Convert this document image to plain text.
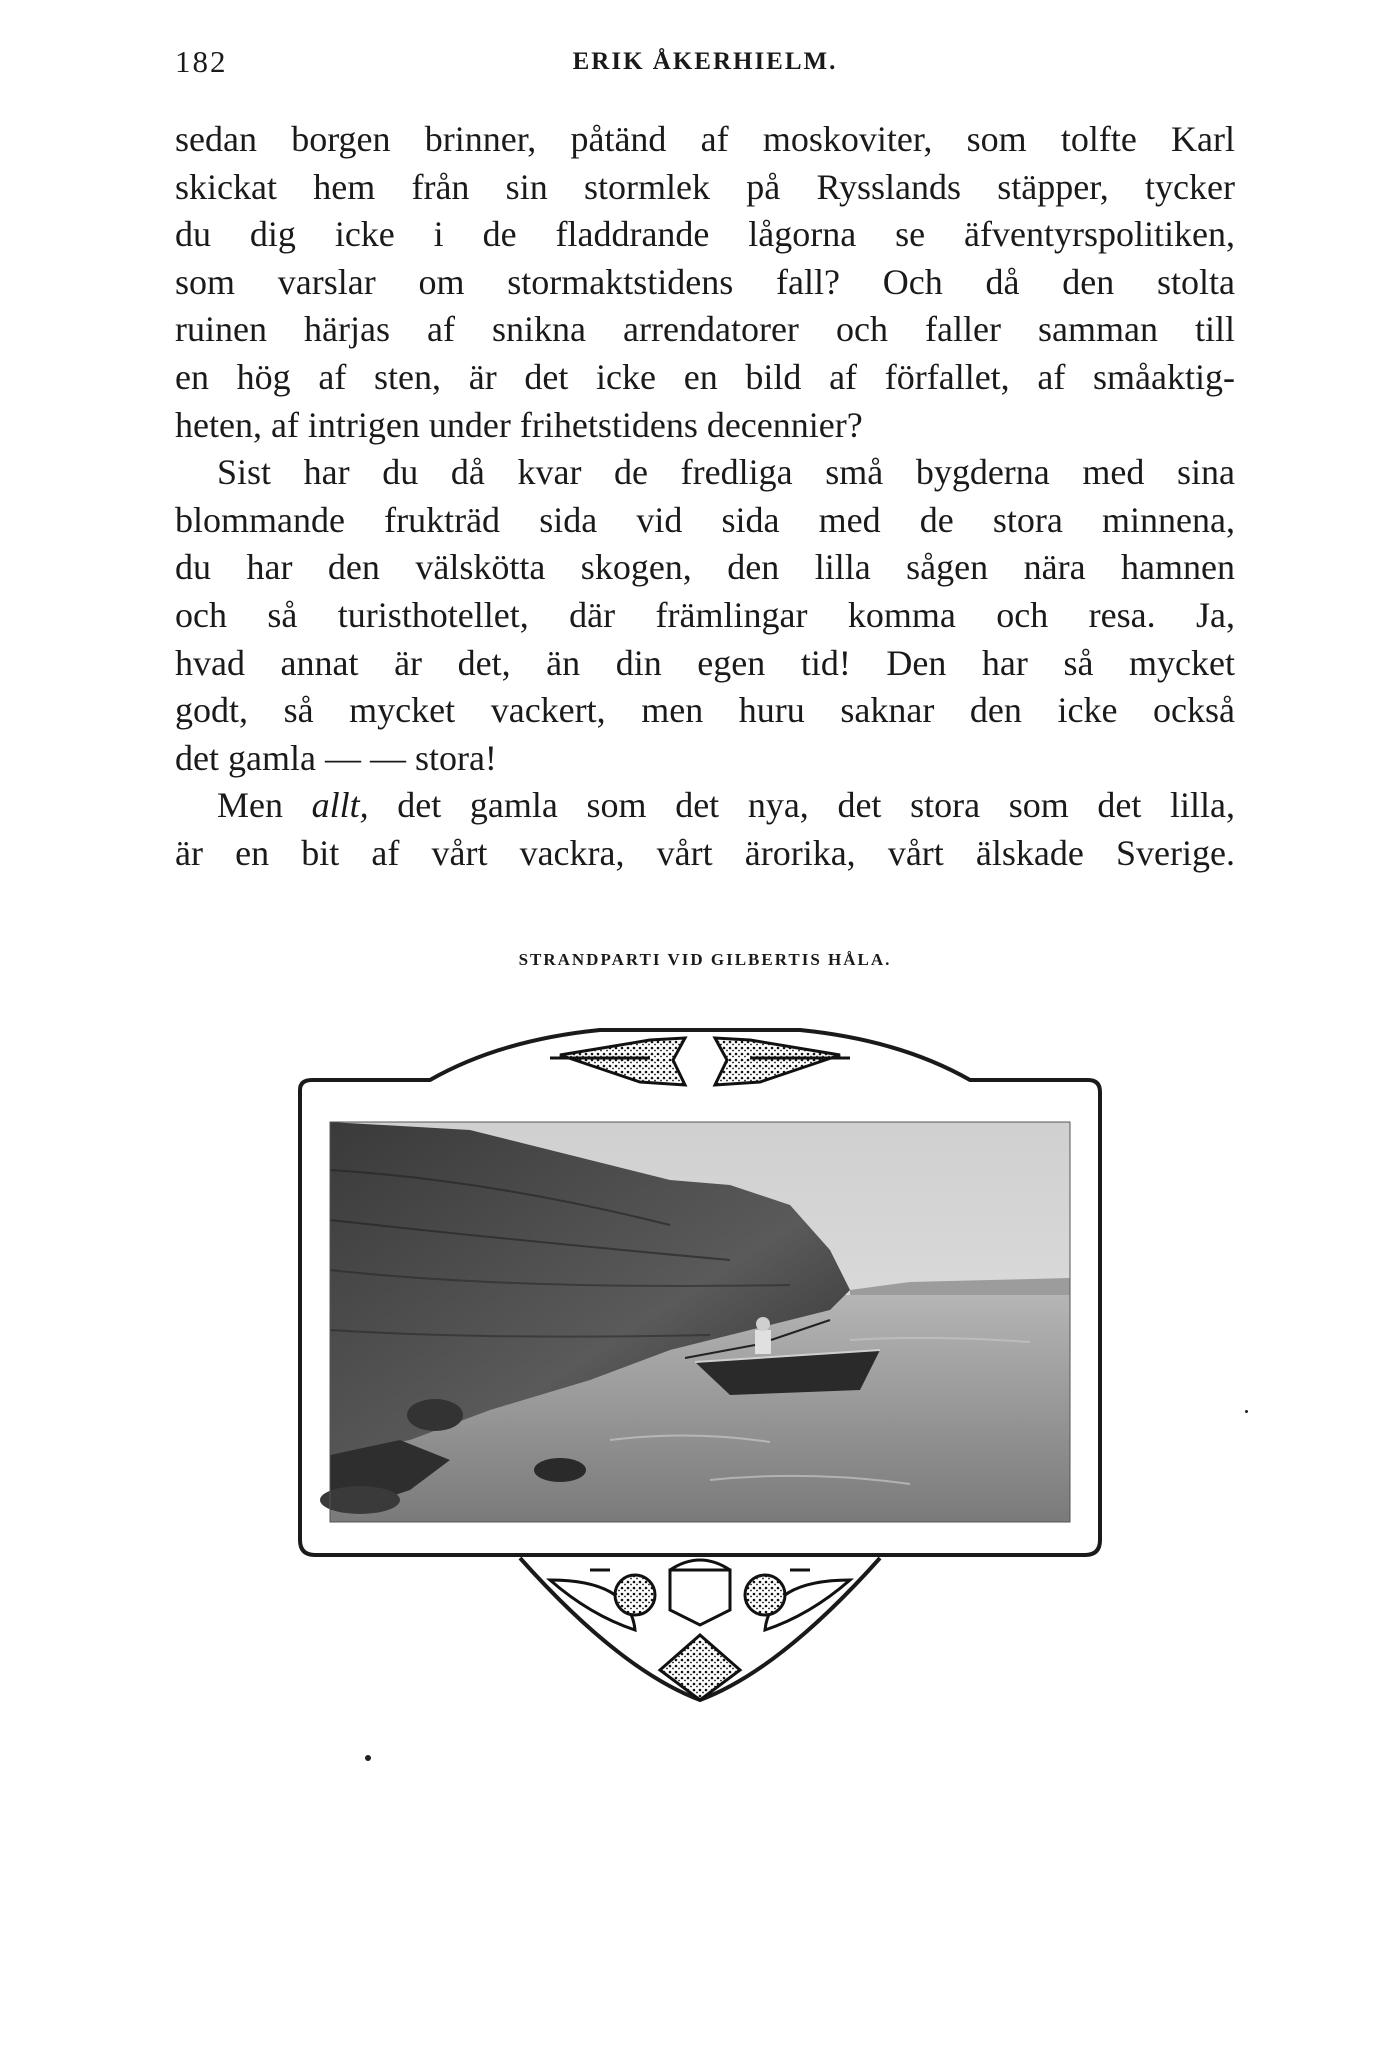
182	ERIK ÅKERHIELM.
sedan borgen brinner, påtänd af moskoviter, som tolfte Karl
skickat hem från sin stormlek på Rysslands stäpper, tycker
du dig icke i de fladdrande lågorna se äfventyrspolitiken,
som varslar om stormaktstidens fall? Och då den stolta
ruinen härjas af snikna arrendatorer och faller samman till
en hög af sten, är det icke en bild af förfallet, af småaktig-
heten, af intrigen under frihetstidens decennier?
Sist har du då kvar de fredliga små bygderna med sina
blommande frukträd sida vid sida med de stora minnena,
du har den välskötta skogen, den lilla sågen nära hamnen
och så turisthotellet, där främlingar komma och resa. Ja,
hvad annat är det, än din egen tid! Den har så mycket
godt, så mycket vackert, men huru saknar den icke också
det gamla — — stora!
Men allt, det gamla som det nya, det stora som det lilla,
är en bit af vårt vackra, vårt ärorika, vårt älskade Sverige.
STRANDPARTI VID GILBERTIS HÅLA.
